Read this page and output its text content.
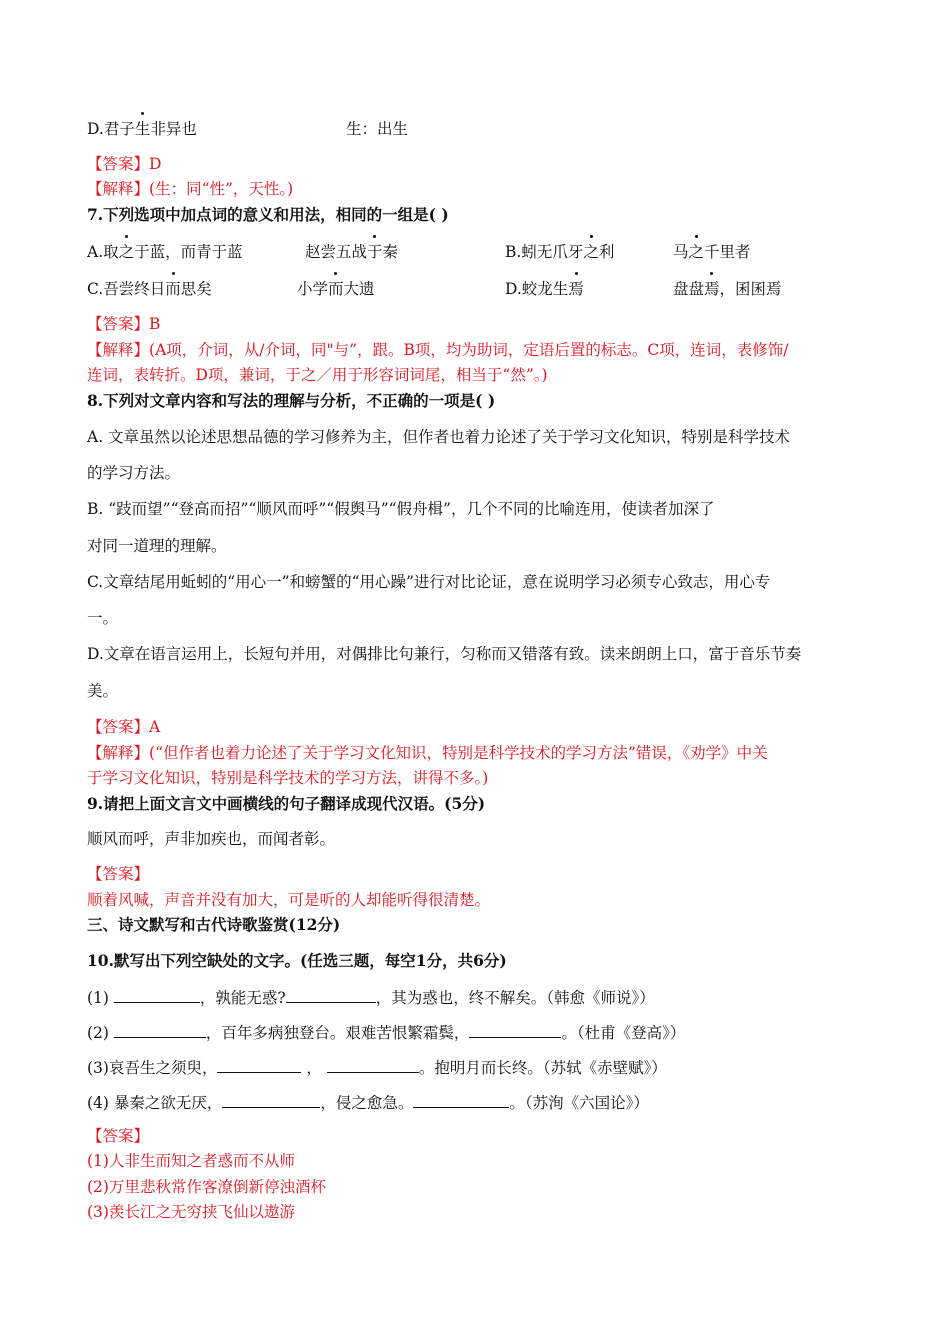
D.君子生非异也	生：出生
【答案】D
【解释】(生：同“性”，天性。)
7.下列选项中加点词的意义和用法，相同的一组是( )
A.取之于蓝，而青于蓝	赵尝五战于秦	B.蚓无爪牙之利	马之千里者
C.吾尝终日而思矣	小学而大遗	D.蛟龙生焉	盘盘焉，囷囷焉
【答案】B
【解释】(A项，介词，从/介词，同"与”，跟。B项，均为助词，定语后置的标志。C项，连词，表修饰/
连词，表转折。D项，兼词，于之／用于形容词词尾，相当于“然”。)
8.下列对文章内容和写法的理解与分析，不正确的一项是( )
A. 文章虽然以论述思想品德的学习修养为主，但作者也着力论述了关于学习文化知识，特别是科学技术
的学习方法。
B. “跂而望”“登高而招”“顺风而呼”“假舆马”“假舟楫”，几个不同的比喻连用，使读者加深了
对同一道理的理解。
C.文章结尾用蚯蚓的“用心一”和螃蟹的“用心躁”进行对比论证，意在说明学习必须专心致志，用心专
一。
D.文章在语言运用上，长短句并用，对偶排比句兼行，匀称而又错落有致。读来朗朗上口，富于音乐节奏
美。
【答案】A
【解释】(“但作者也着力论述了关于学习文化知识，特别是科学技术的学习方法”错误，《劝学》中关
于学习文化知识，特别是科学技术的学习方法，讲得不多。)
9.请把上面文言文中画横线的句子翻译成现代汉语。(5分)
顺风而呼，声非加疾也，而闻者彰。
【答案】
顺着风喊，声音并没有加大，可是听的人却能听得很清楚。
三、诗文默写和古代诗歌鉴赏(12分)
10.默写出下列空缺处的文字。(任选三题，每空1分，共6分)
(1)	，孰能无惑?	，其为惑也，终不解矣。（韩愈《师说》）
(2)	，百年多病独登台。艰难苦恨繁霜鬓，	。（杜甫《登高》）
(3)哀吾生之须臾，	，	。抱明月而长终。（苏轼《赤壁赋》）
(4) 暴秦之欲无厌，	，侵之愈急。	。（苏洵《六国论》）
【答案】
(1)人非生而知之者惑而不从师
(2)万里悲秋常作客潦倒新停浊酒杯
(3)羡长江之无穷挟飞仙以遨游
